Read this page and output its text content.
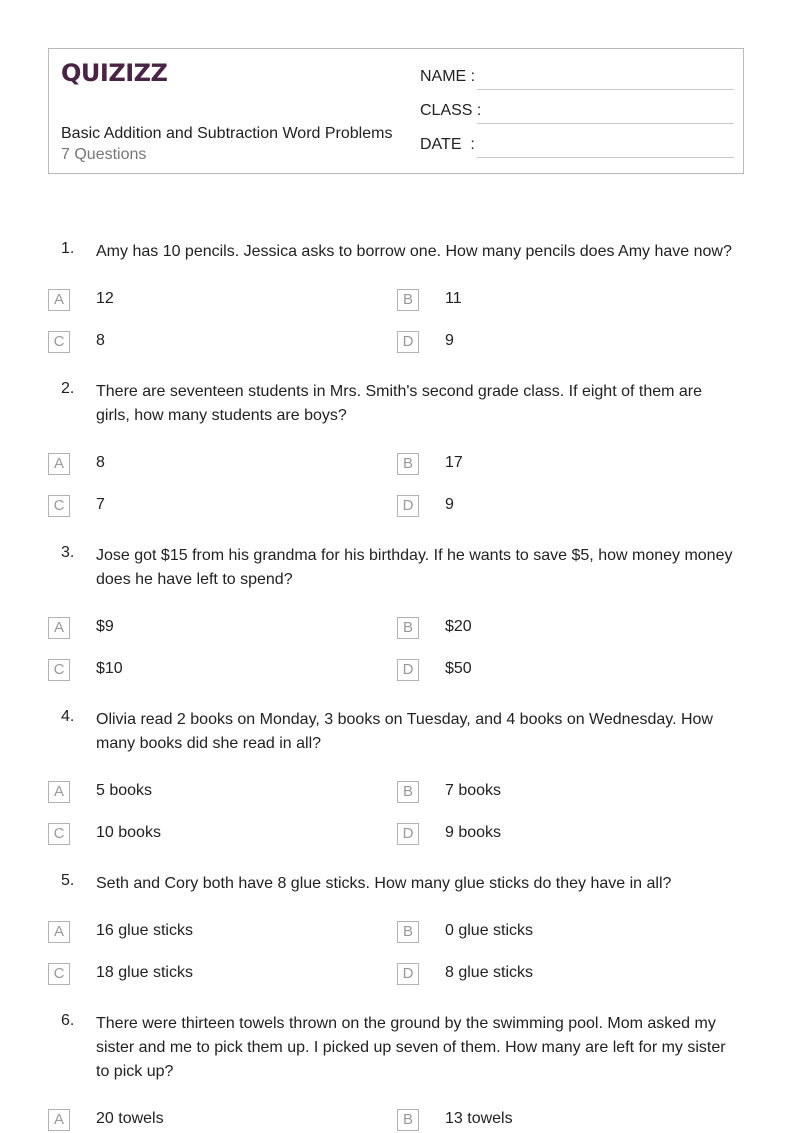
QUIZIZZ
Basic Addition and Subtraction Word Problems
7 Questions
NAME :
CLASS :
DATE  :
1. Amy has 10 pencils. Jessica asks to borrow one. How many pencils does Amy have now?
A	12	B	11
C	8	D	9
2. There are seventeen students in Mrs. Smith's second grade class. If eight of them are girls, how many students are boys?
A	8	B	17
C	7	D	9
3. Jose got $15 from his grandma for his birthday. If he wants to save $5, how money money does he have left to spend?
A	$9	B	$20
C	$10	D	$50
4. Olivia read 2 books on Monday, 3 books on Tuesday, and 4 books on Wednesday. How many books did she read in all?
A	5 books	B	7 books
C	10 books	D	9 books
5. Seth and Cory both have 8 glue sticks. How many glue sticks do they have in all?
A	16 glue sticks	B	0 glue sticks
C	18 glue sticks	D	8 glue sticks
6. There were thirteen towels thrown on the ground by the swimming pool. Mom asked my sister and me to pick them up. I picked up seven of them. How many are left for my sister to pick up?
A	20 towels	B	13 towels
